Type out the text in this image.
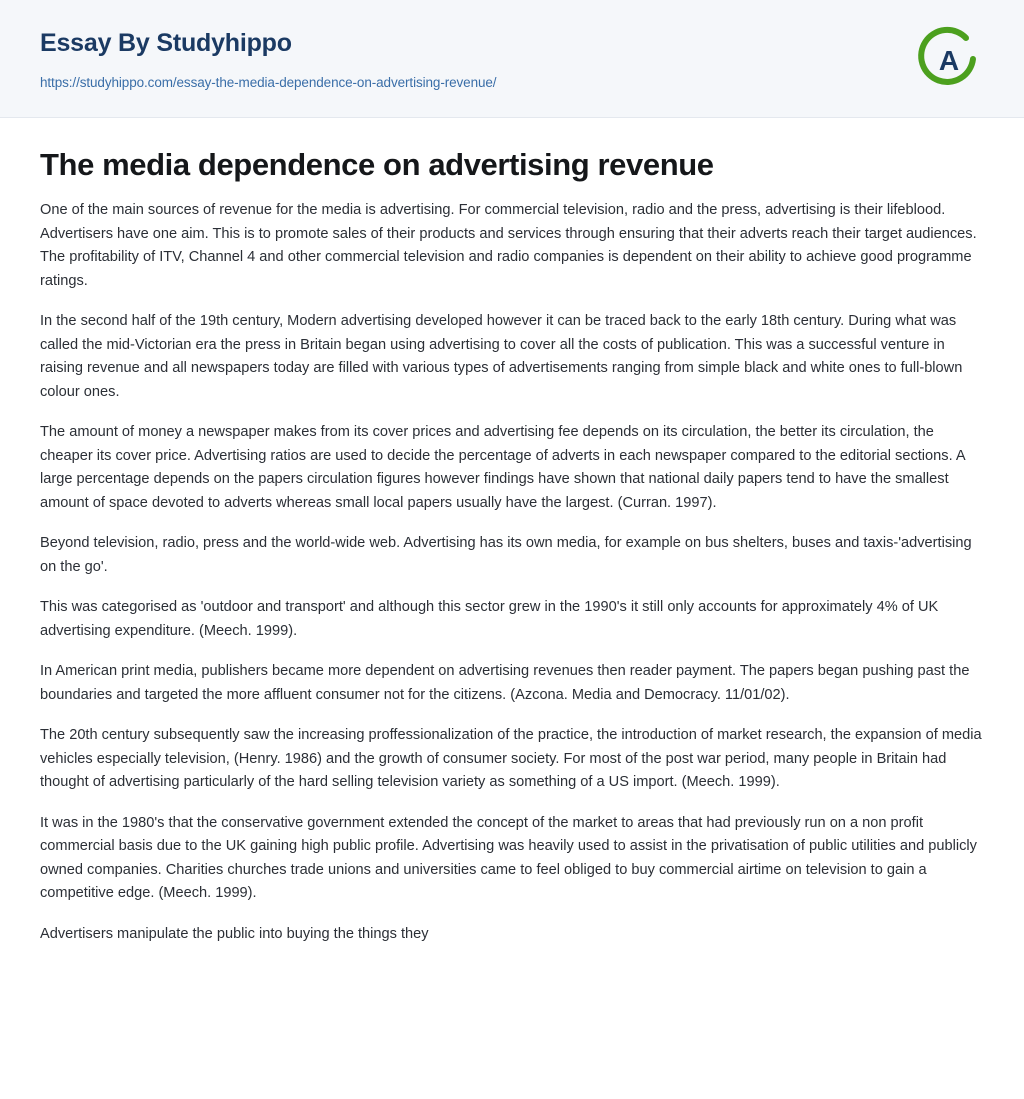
Essay By Studyhippo
https://studyhippo.com/essay-the-media-dependence-on-advertising-revenue/
A
The media dependence on advertising revenue

One of the main sources of revenue for the media is advertising. For commercial television, radio and the press, advertising is their lifeblood. Advertisers have one aim. This is to promote sales of their products and services through ensuring that their adverts reach their target audiences. The profitability of ITV, Channel 4 and other commercial television and radio companies is dependent on their ability to achieve good programme ratings.

In the second half of the 19th century, Modern advertising developed however it can be traced back to the early 18th century. During what was called the mid-Victorian era the press in Britain began using advertising to cover all the costs of publication. This was a successful venture in raising revenue and all newspapers today are filled with various types of advertisements ranging from simple black and white ones to full-blown colour ones.

The amount of money a newspaper makes from its cover prices and advertising fee depends on its circulation, the better its circulation, the cheaper its cover price. Advertising ratios are used to decide the percentage of adverts in each newspaper compared to the editorial sections. A large percentage depends on the papers circulation figures however findings have shown that national daily papers tend to have the smallest amount of space devoted to adverts whereas small local papers usually have the largest. (Curran. 1997).

Beyond television, radio, press and the world-wide web. Advertising has its own media, for example on bus shelters, buses and taxis-'advertising on the go'.

This was categorised as 'outdoor and transport' and although this sector grew in the 1990's it still only accounts for approximately 4% of UK advertising expenditure. (Meech. 1999).

In American print media, publishers became more dependent on advertising revenues then reader payment. The papers began pushing past the boundaries and targeted the more affluent consumer not for the citizens. (Azcona. Media and Democracy. 11/01/02).

The 20th century subsequently saw the increasing proffessionalization of the practice, the introduction of market research, the expansion of media vehicles especially television, (Henry. 1986) and the growth of consumer society. For most of the post war period, many people in Britain had thought of advertising particularly of the hard selling television variety as something of a US import. (Meech. 1999).

It was in the 1980's that the conservative government extended the concept of the market to areas that had previously run on a non profit commercial basis due to the UK gaining high public profile. Advertising was heavily used to assist in the privatisation of public utilities and publicly owned companies. Charities churches trade unions and universities came to feel obliged to buy commercial airtime on television to gain a competitive edge. (Meech. 1999).

Advertisers manipulate the public into buying the things they
